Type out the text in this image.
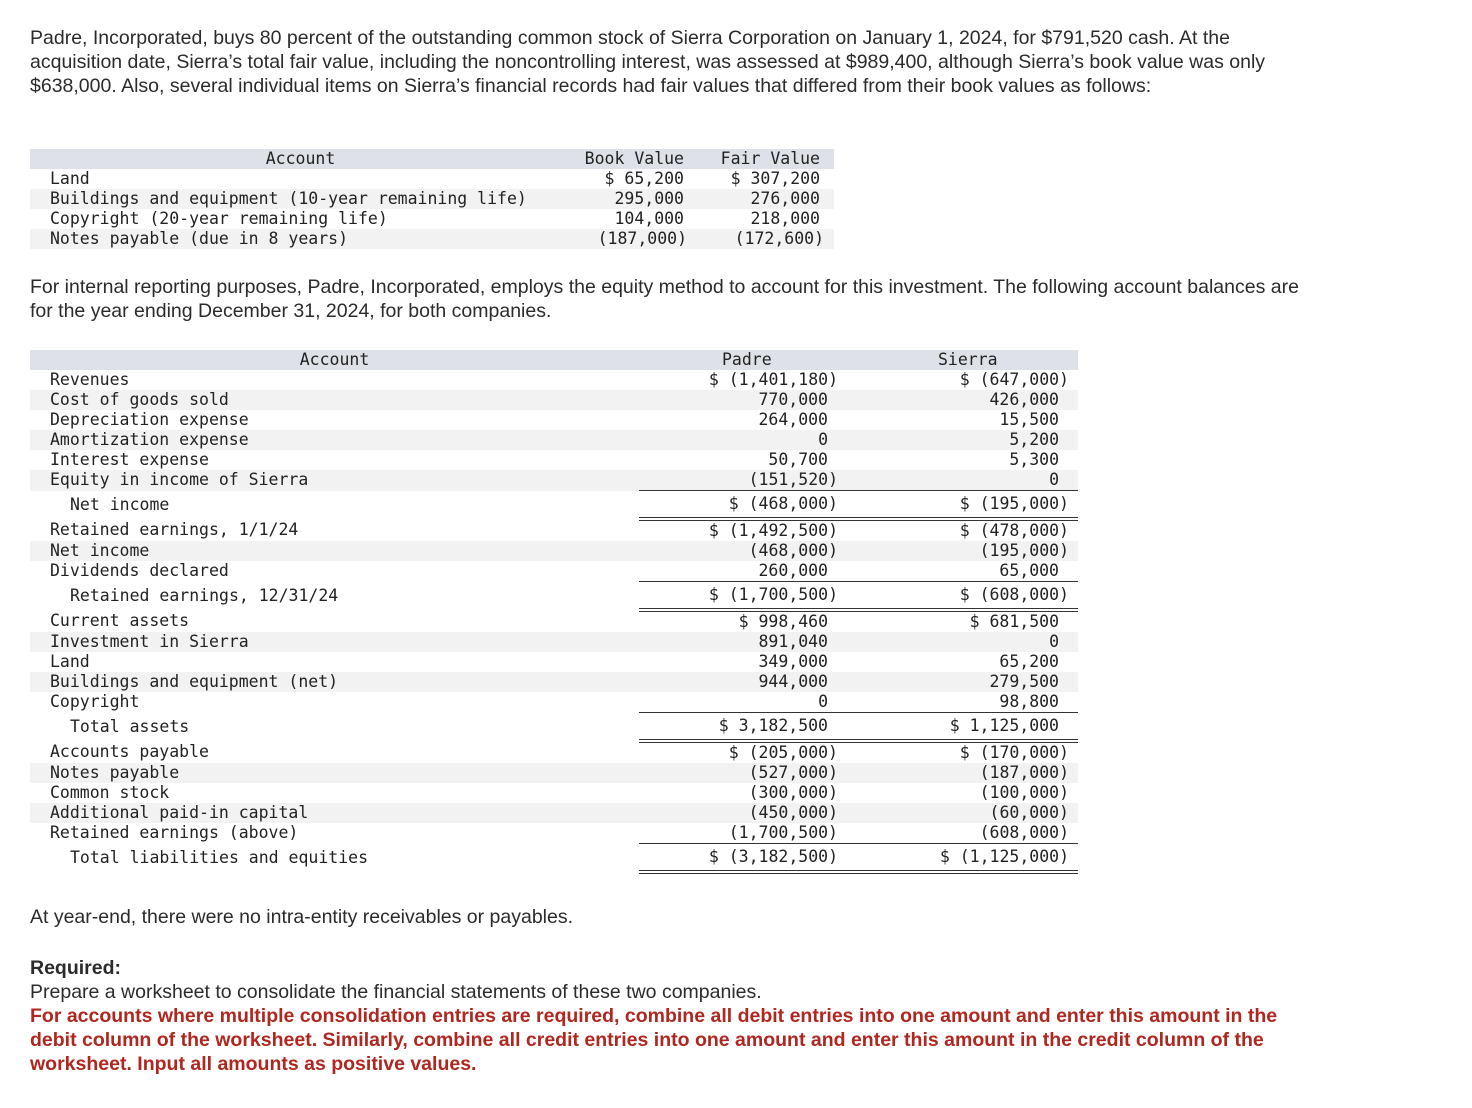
Padre, Incorporated, buys 80 percent of the outstanding common stock of Sierra Corporation on January 1, 2024, for $791,520 cash. At the acquisition date, Sierra’s total fair value, including the noncontrolling interest, was assessed at $989,400, although Sierra’s book value was only $638,000. Also, several individual items on Sierra’s financial records had fair values that differed from their book values as follows:

Account	Book Value	Fair Value
Land	$ 65,200	$ 307,200
Buildings and equipment (10-year remaining life)	295,000	276,000
Copyright (20-year remaining life)	104,000	218,000
Notes payable (due in 8 years)	(187,000)	(172,600)

For internal reporting purposes, Padre, Incorporated, employs the equity method to account for this investment. The following account balances are for the year ending December 31, 2024, for both companies.

Account	Padre	Sierra
Revenues	$ (1,401,180)	$ (647,000)
Cost of goods sold	770,000	426,000
Depreciation expense	264,000	15,500
Amortization expense	0	5,200
Interest expense	50,700	5,300
Equity in income of Sierra	(151,520)	0
Net income	$ (468,000)	$ (195,000)
Retained earnings, 1/1/24	$ (1,492,500)	$ (478,000)
Net income	(468,000)	(195,000)
Dividends declared	260,000	65,000
Retained earnings, 12/31/24	$ (1,700,500)	$ (608,000)
Current assets	$ 998,460	$ 681,500
Investment in Sierra	891,040	0
Land	349,000	65,200
Buildings and equipment (net)	944,000	279,500
Copyright	0	98,800
Total assets	$ 3,182,500	$ 1,125,000
Accounts payable	$ (205,000)	$ (170,000)
Notes payable	(527,000)	(187,000)
Common stock	(300,000)	(100,000)
Additional paid-in capital	(450,000)	(60,000)
Retained earnings (above)	(1,700,500)	(608,000)
Total liabilities and equities	$ (3,182,500)	$ (1,125,000)

At year-end, there were no intra-entity receivables or payables.

Required:
Prepare a worksheet to consolidate the financial statements of these two companies.
For accounts where multiple consolidation entries are required, combine all debit entries into one amount and enter this amount in the debit column of the worksheet. Similarly, combine all credit entries into one amount and enter this amount in the credit column of the worksheet. Input all amounts as positive values.
